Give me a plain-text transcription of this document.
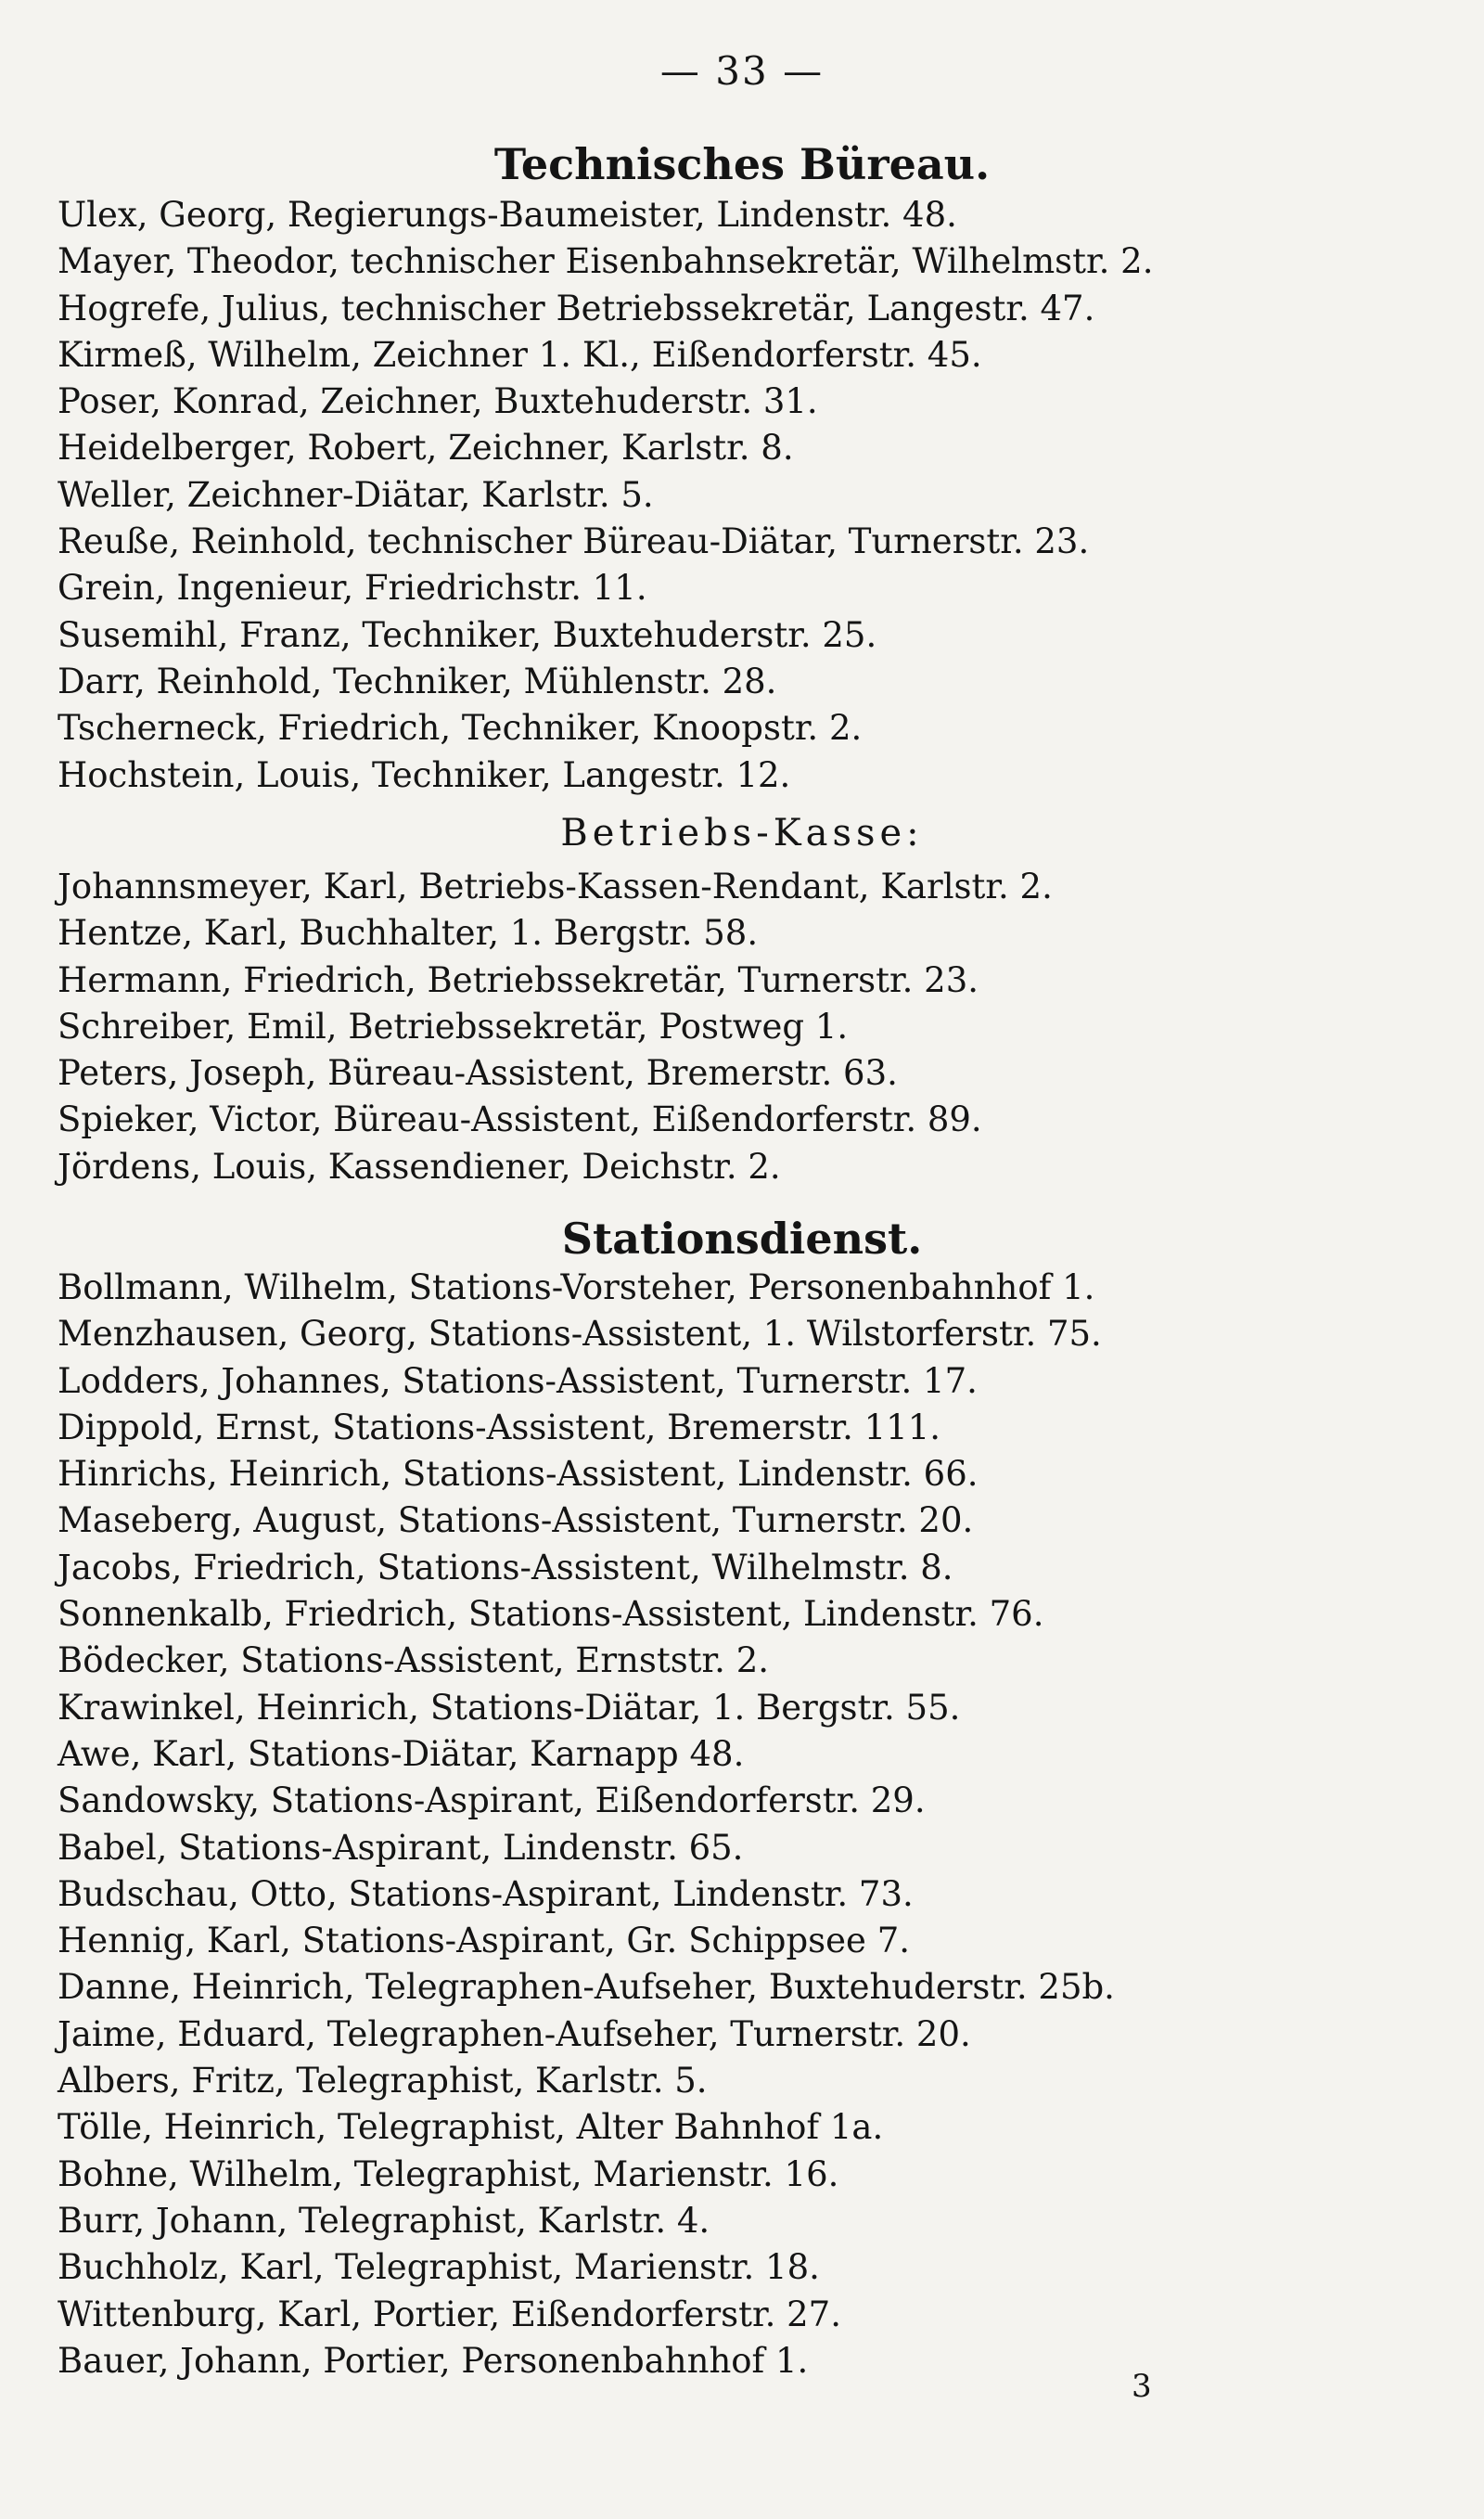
— 33 —
Technisches Büreau.
Ulex, Georg, Regierungs-Baumeister, Lindenstr. 48.
Mayer, Theodor, technischer Eisenbahnsekretär, Wilhelmstr. 2.
Hogrefe, Julius, technischer Betriebssekretär, Langestr. 47.
Kirmeß, Wilhelm, Zeichner 1. Kl., Eißendorferstr. 45.
Poser, Konrad, Zeichner, Buxtehuderstr. 31.
Heidelberger, Robert, Zeichner, Karlstr. 8.
Weller, Zeichner-Diätar, Karlstr. 5.
Reuße, Reinhold, technischer Büreau-Diätar, Turnerstr. 23.
Grein, Ingenieur, Friedrichstr. 11.
Susemihl, Franz, Techniker, Buxtehuderstr. 25.
Darr, Reinhold, Techniker, Mühlenstr. 28.
Tscherneck, Friedrich, Techniker, Knoopstr. 2.
Hochstein, Louis, Techniker, Langestr. 12.
Betriebs-Kasse:
Johannsmeyer, Karl, Betriebs-Kassen-Rendant, Karlstr. 2.
Hentze, Karl, Buchhalter, 1. Bergstr. 58.
Hermann, Friedrich, Betriebssekretär, Turnerstr. 23.
Schreiber, Emil, Betriebssekretär, Postweg 1.
Peters, Joseph, Büreau-Assistent, Bremerstr. 63.
Spieker, Victor, Büreau-Assistent, Eißendorferstr. 89.
Jördens, Louis, Kassendiener, Deichstr. 2.
Stationsdienst.
Bollmann, Wilhelm, Stations-Vorsteher, Personenbahnhof 1.
Menzhausen, Georg, Stations-Assistent, 1. Wilstorferstr. 75.
Lodders, Johannes, Stations-Assistent, Turnerstr. 17.
Dippold, Ernst, Stations-Assistent, Bremerstr. 111.
Hinrichs, Heinrich, Stations-Assistent, Lindenstr. 66.
Maseberg, August, Stations-Assistent, Turnerstr. 20.
Jacobs, Friedrich, Stations-Assistent, Wilhelmstr. 8.
Sonnenkalb, Friedrich, Stations-Assistent, Lindenstr. 76.
Bödecker, Stations-Assistent, Ernststr. 2.
Krawinkel, Heinrich, Stations-Diätar, 1. Bergstr. 55.
Awe, Karl, Stations-Diätar, Karnapp 48.
Sandowsky, Stations-Aspirant, Eißendorferstr. 29.
Babel, Stations-Aspirant, Lindenstr. 65.
Budschau, Otto, Stations-Aspirant, Lindenstr. 73.
Hennig, Karl, Stations-Aspirant, Gr. Schippsee 7.
Danne, Heinrich, Telegraphen-Aufseher, Buxtehuderstr. 25b.
Jaime, Eduard, Telegraphen-Aufseher, Turnerstr. 20.
Albers, Fritz, Telegraphist, Karlstr. 5.
Tölle, Heinrich, Telegraphist, Alter Bahnhof 1a.
Bohne, Wilhelm, Telegraphist, Marienstr. 16.
Burr, Johann, Telegraphist, Karlstr. 4.
Buchholz, Karl, Telegraphist, Marienstr. 18.
Wittenburg, Karl, Portier, Eißendorferstr. 27.
Bauer, Johann, Portier, Personenbahnhof 1.
3
